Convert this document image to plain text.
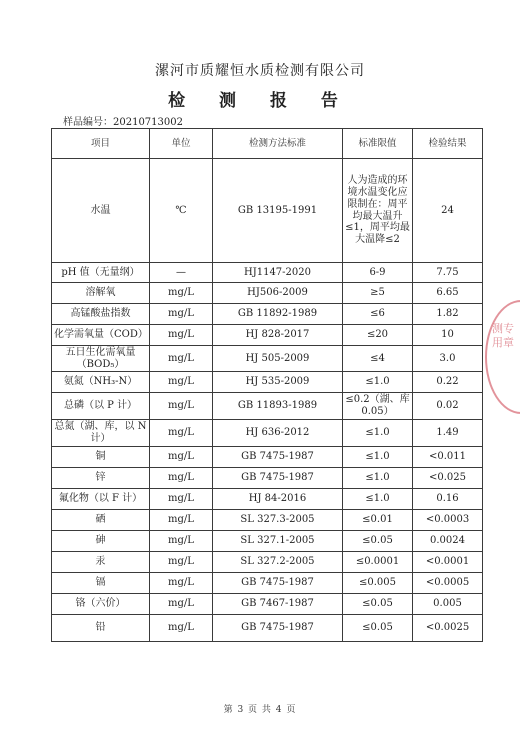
漯河市质耀恒水质检测有限公司
检 测 报 告
样品编号：20210713002
项目	单位	检测方法标准	标准限值	检验结果
水温	℃	GB 13195-1991	人为造成的环境水温变化应限制在：周平均最大温升≤1，周平均最大温降≤2	24
pH 值（无量纲）	—	HJ1147-2020	6-9	7.75
溶解氧	mg/L	HJ506-2009	≥5	6.65
高锰酸盐指数	mg/L	GB 11892-1989	≤6	1.82
化学需氧量（COD）	mg/L	HJ 828-2017	≤20	10
五日生化需氧量（BOD₅）	mg/L	HJ 505-2009	≤4	3.0
氨氮（NH₃-N）	mg/L	HJ 535-2009	≤1.0	0.22
总磷（以 P 计）	mg/L	GB 11893-1989	≤0.2（湖、库 0.05）	0.02
总氮（湖、库，以 N 计）	mg/L	HJ 636-2012	≤1.0	1.49
铜	mg/L	GB 7475-1987	≤1.0	<0.011
锌	mg/L	GB 7475-1987	≤1.0	<0.025
氟化物（以 F 计）	mg/L	HJ 84-2016	≤1.0	0.16
硒	mg/L	SL 327.3-2005	≤0.01	<0.0003
砷	mg/L	SL 327.1-2005	≤0.05	0.0024
汞	mg/L	SL 327.2-2005	≤0.0001	<0.0001
镉	mg/L	GB 7475-1987	≤0.005	<0.0005
铬（六价）	mg/L	GB 7467-1987	≤0.05	0.005
铅	mg/L	GB 7475-1987	≤0.05	<0.0025
测专用章
第 3 页 共 4 页
